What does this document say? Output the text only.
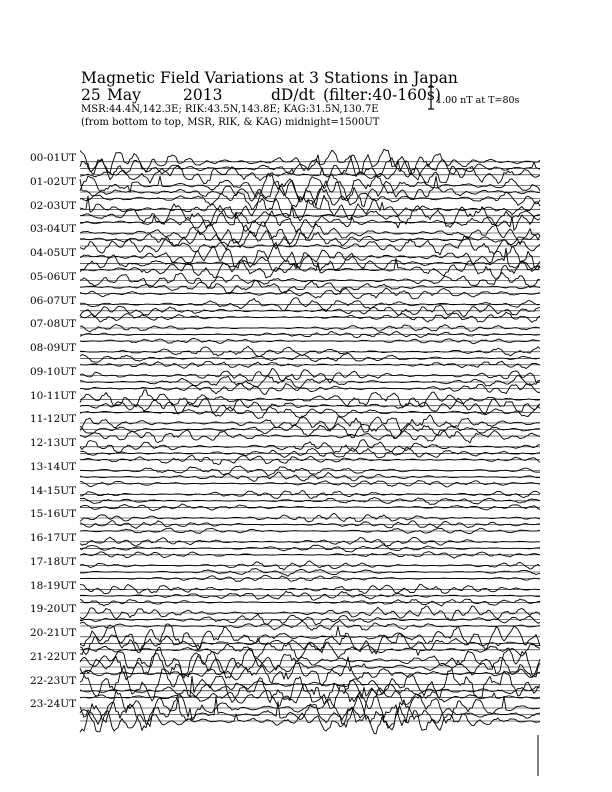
Magnetic Field Variations at 3 Stations in Japan
25 May	2013	dD/dt (filter:40-160s)
MSR:44.4N,142.3E; RIK:43.5N,143.8E; KAG:31.5N,130.7E
(from bottom to top, MSR, RIK, & KAG) midnight=1500UT
1.00 nT at T=80s
00-01UT
01-02UT
02-03UT
03-04UT
04-05UT
05-06UT
06-07UT
07-08UT
08-09UT
09-10UT
10-11UT
11-12UT
12-13UT
13-14UT
14-15UT
15-16UT
16-17UT
17-18UT
18-19UT
19-20UT
20-21UT
21-22UT
22-23UT
23-24UT
